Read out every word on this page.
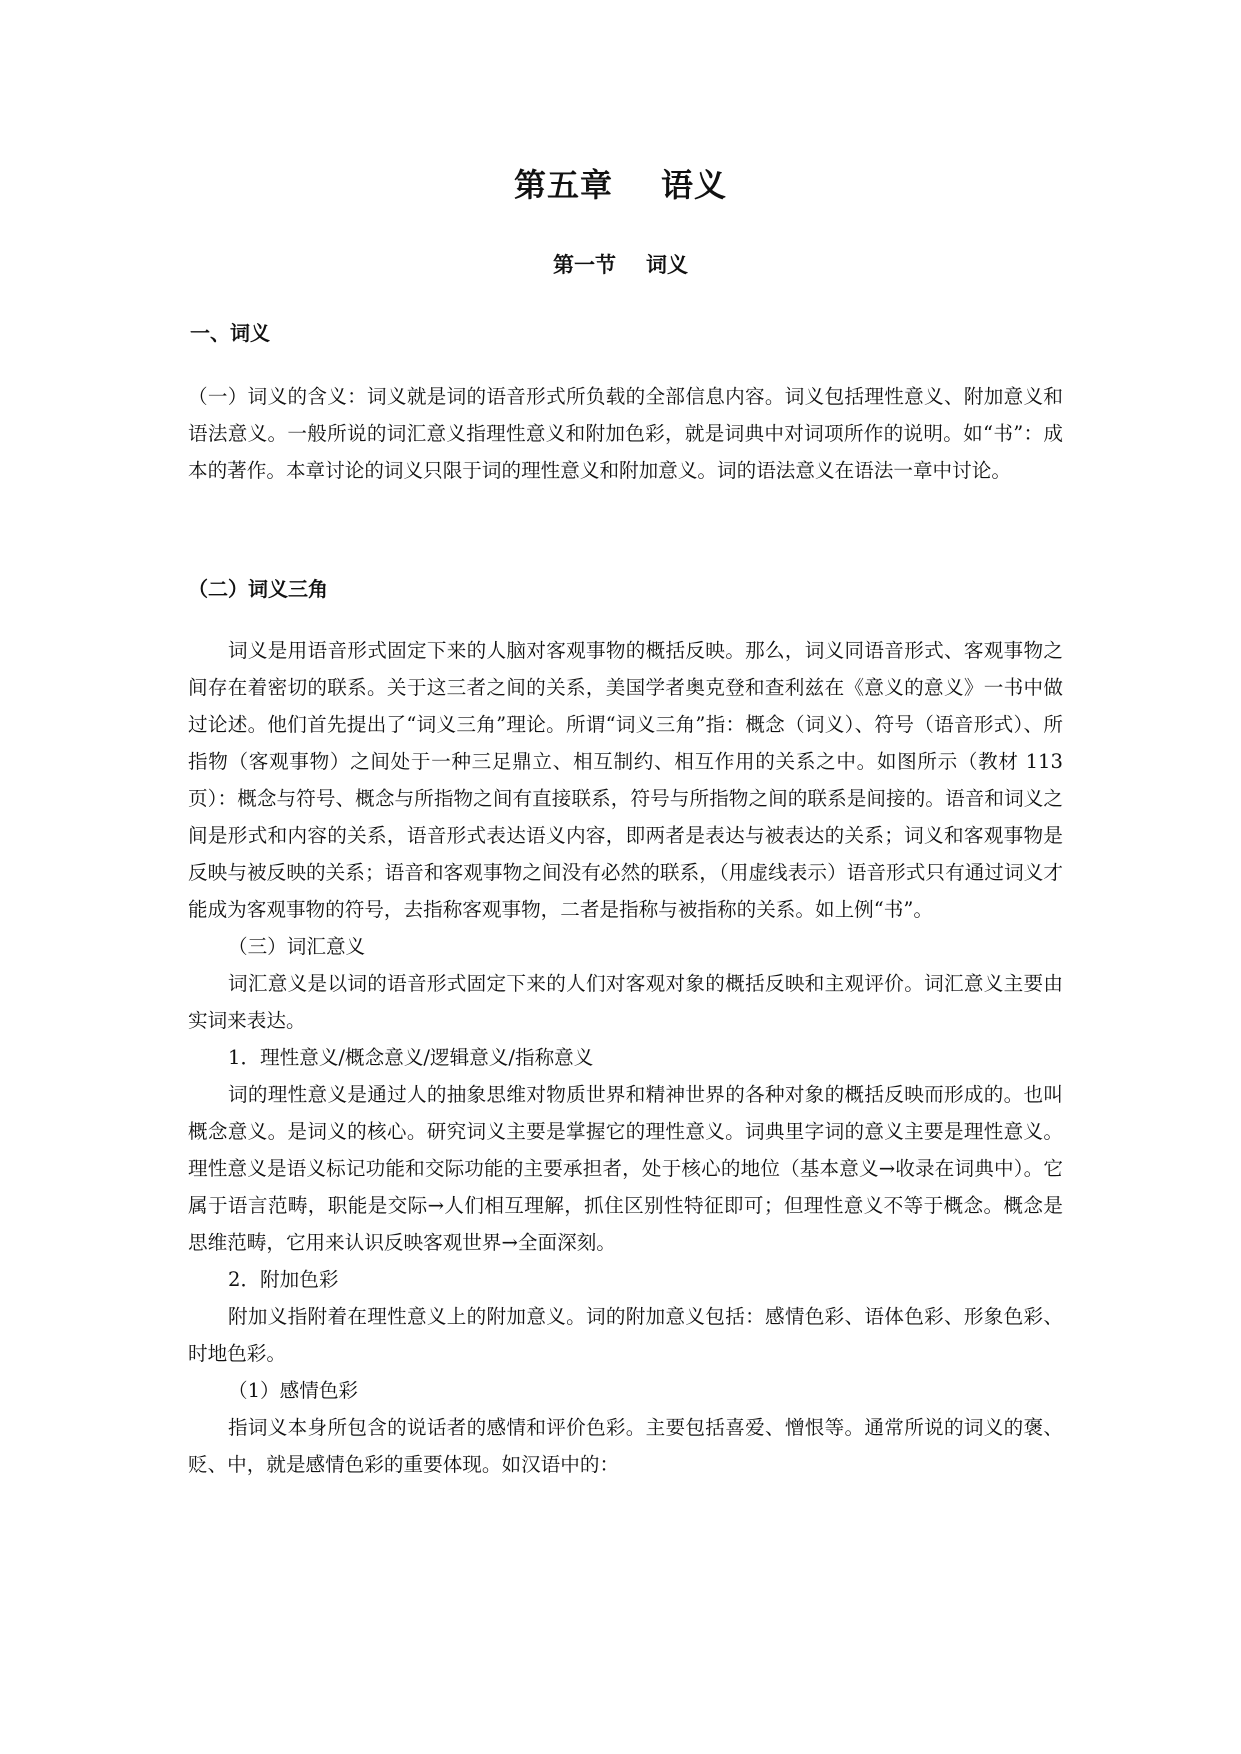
第五章 语义
第一节 词义
一、词义

（一）词义的含义：词义就是词的语音形式所负载的全部信息内容。词义包括理性意义、附加意义和语法意义。一般所说的词汇意义指理性意义和附加色彩，就是词典中对词项所作的说明。如“书”：成本的著作。本章讨论的词义只限于词的理性意义和附加意义。词的语法意义在语法一章中讨论。

（二）词义三角

词义是用语音形式固定下来的人脑对客观事物的概括反映。那么，词义同语音形式、客观事物之间存在着密切的联系。关于这三者之间的关系，美国学者奥克登和查利兹在《意义的意义》一书中做过论述。他们首先提出了“词义三角”理论。所谓“词义三角”指：概念（词义）、符号（语音形式）、所指物（客观事物）之间处于一种三足鼎立、相互制约、相互作用的关系之中。如图所示（教材 113 页）：概念与符号、概念与所指物之间有直接联系，符号与所指物之间的联系是间接的。语音和词义之间是形式和内容的关系，语音形式表达语义内容，即两者是表达与被表达的关系；词义和客观事物是反映与被反映的关系；语音和客观事物之间没有必然的联系，（用虚线表示）语音形式只有通过词义才能成为客观事物的符号，去指称客观事物，二者是指称与被指称的关系。如上例“书”。

（三）词汇意义

词汇意义是以词的语音形式固定下来的人们对客观对象的概括反映和主观评价。词汇意义主要由实词来表达。

1．理性意义/概念意义/逻辑意义/指称意义

词的理性意义是通过人的抽象思维对物质世界和精神世界的各种对象的概括反映而形成的。也叫概念意义。是词义的核心。研究词义主要是掌握它的理性意义。词典里字词的意义主要是理性意义。理性意义是语义标记功能和交际功能的主要承担者，处于核心的地位（基本意义→收录在词典中）。它属于语言范畴，职能是交际→人们相互理解，抓住区别性特征即可；但理性意义不等于概念。概念是思维范畴，它用来认识反映客观世界→全面深刻。

2．附加色彩

附加义指附着在理性意义上的附加意义。词的附加意义包括：感情色彩、语体色彩、形象色彩、时地色彩。

（1）感情色彩

指词义本身所包含的说话者的感情和评价色彩。主要包括喜爱、憎恨等。通常所说的词义的褒、贬、中，就是感情色彩的重要体现。如汉语中的：
